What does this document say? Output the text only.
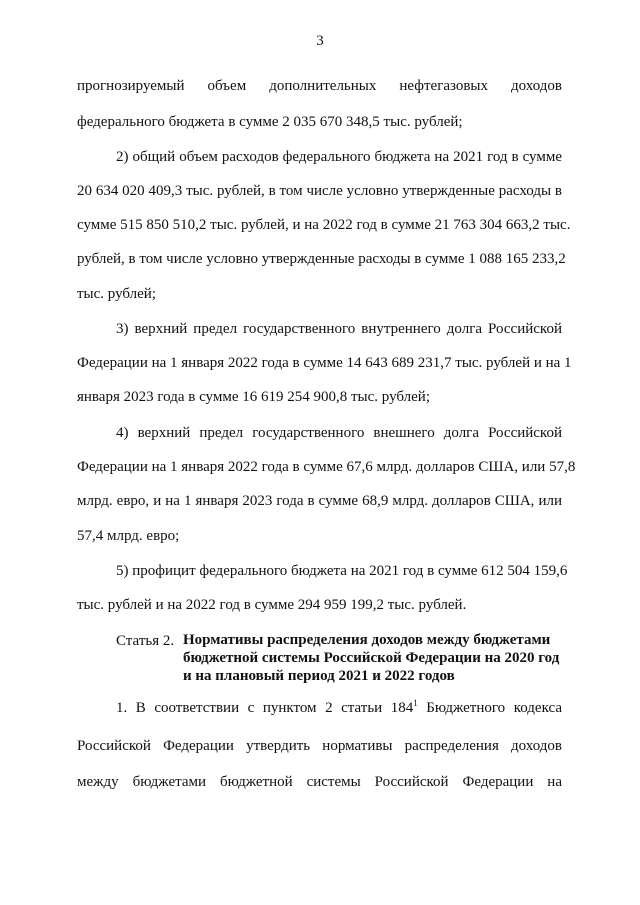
3
прогнозируемый объем дополнительных нефтегазовых доходов
федерального бюджета в сумме 2 035 670 348,5 тыс. рублей;
2) общий объем расходов федерального бюджета на 2021 год в сумме
20 634 020 409,3 тыс. рублей, в том числе условно утвержденные расходы в
сумме 515 850 510,2 тыс. рублей, и на 2022 год в сумме 21 763 304 663,2 тыс.
рублей, в том числе условно утвержденные расходы в сумме 1 088 165 233,2
тыс. рублей;
3) верхний предел государственного внутреннего долга Российской
Федерации на 1 января 2022 года в сумме 14 643 689 231,7 тыс. рублей и на 1
января 2023 года в сумме 16 619 254 900,8 тыс. рублей;
4) верхний предел государственного внешнего долга Российской
Федерации на 1 января 2022 года в сумме 67,6 млрд. долларов США, или 57,8
млрд. евро, и на 1 января 2023 года в сумме 68,9 млрд. долларов США, или
57,4 млрд. евро;
5) профицит федерального бюджета на 2021 год в сумме 612 504 159,6
тыс. рублей и на 2022 год в сумме 294 959 199,2 тыс. рублей.
Статья 2. Нормативы распределения доходов между бюджетами
бюджетной системы Российской Федерации на 2020 год
и на плановый период 2021 и 2022 годов
1. В соответствии с пунктом 2 статьи $184^1$ Бюджетного кодекса
Российской Федерации утвердить нормативы распределения доходов
между бюджетами бюджетной системы Российской Федерации на
